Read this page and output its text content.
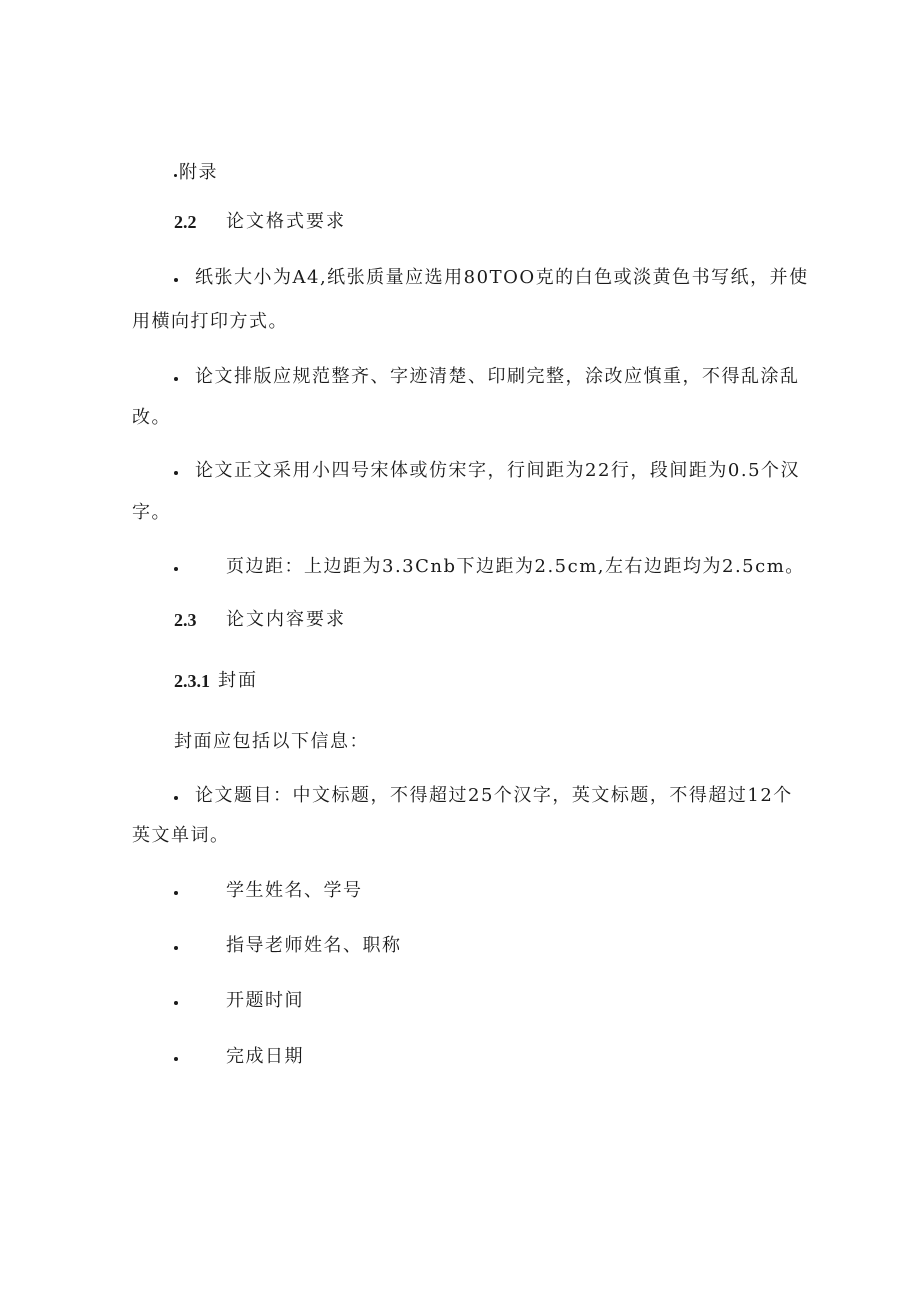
附录
2.2 论文格式要求
纸张大小为A4,纸张质量应选用80TOO克的白色或淡黄色书写纸，并使
用横向打印方式。
论文排版应规范整齐、字迹清楚、印刷完整，涂改应慎重，不得乱涂乱
改。
论文正文采用小四号宋体或仿宋字，行间距为22行，段间距为0.5个汉
字。
页边距：上边距为3.3Cnb下边距为2.5cm,左右边距均为2.5cm。
2.3 论文内容要求
2.3.1 封面
封面应包括以下信息：
论文题目：中文标题，不得超过25个汉字，英文标题，不得超过12个
英文单词。
学生姓名、学号
指导老师姓名、职称
开题时间
完成日期
